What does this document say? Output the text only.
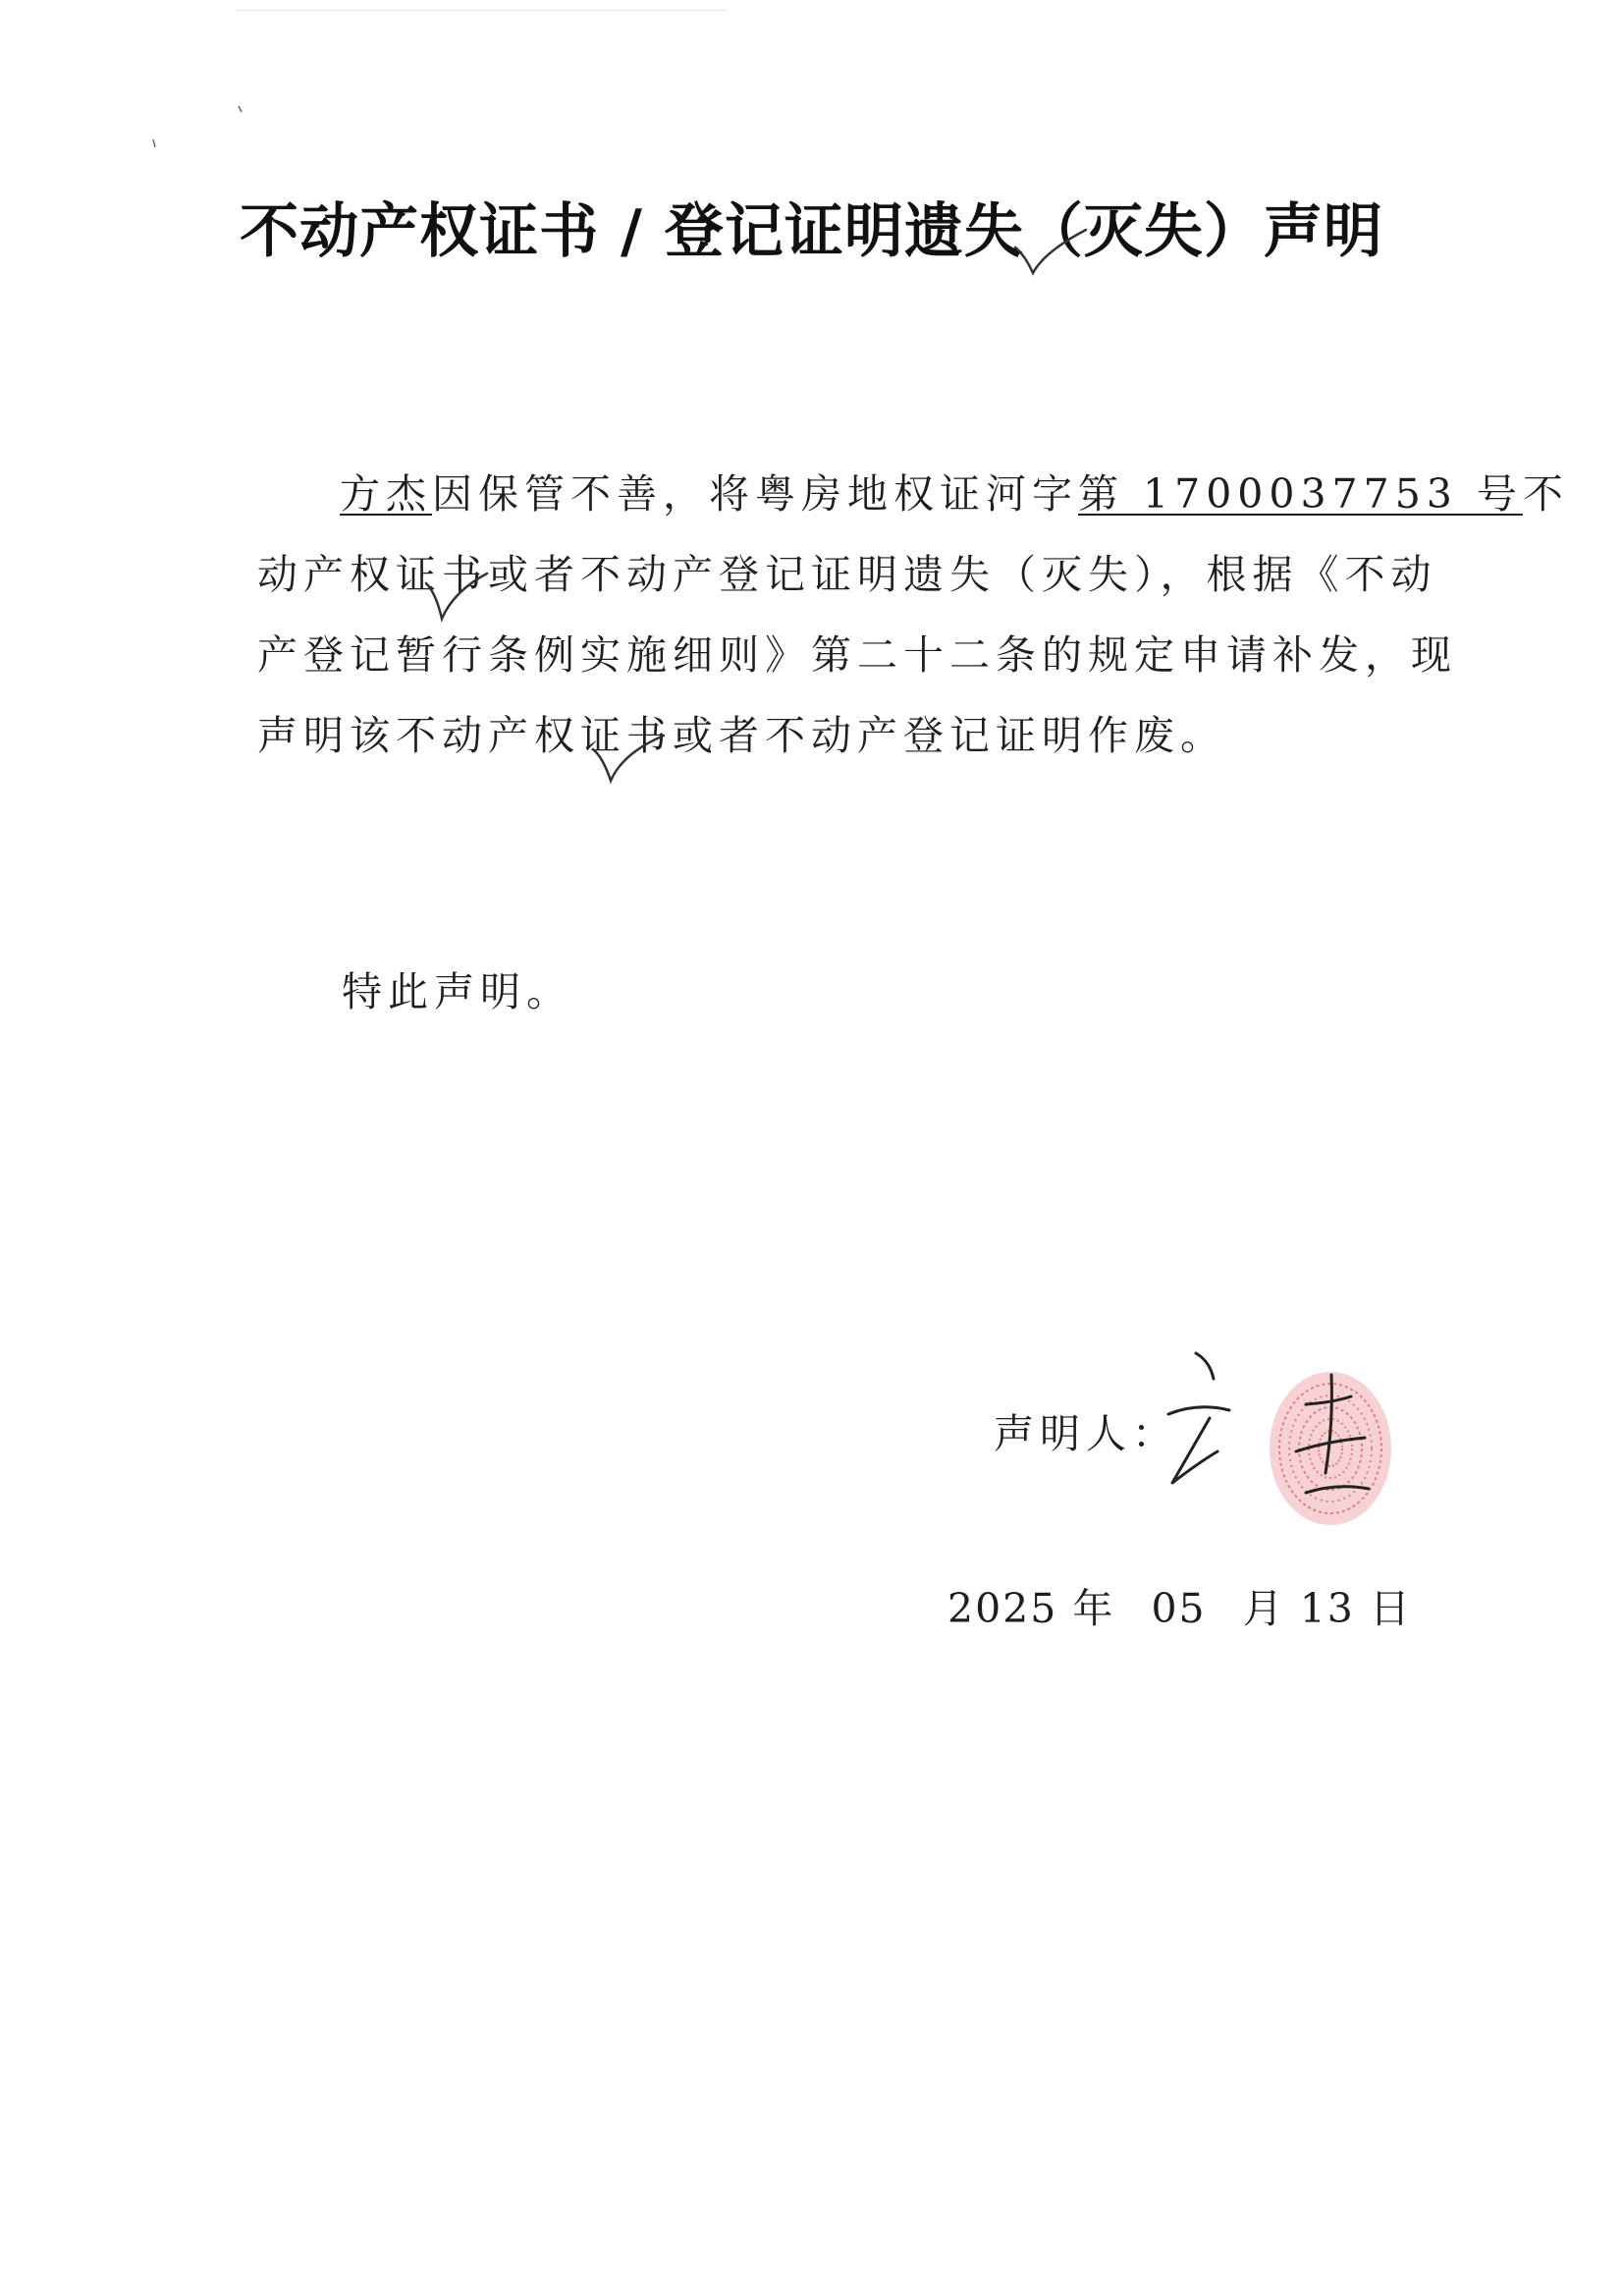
不动产权证书 / 登记证明遗失（灭失）声明
方杰因保管不善，将粤房地权证河字第 1700037753 号不
动产权证书或者不动产登记证明遗失（灭失），根据《不动
产登记暂行条例实施细则》第二十二条的规定申请补发，现
声明该不动产权证书或者不动产登记证明作废。
特此声明。
声明人：
2025 年 05 月 13 日
